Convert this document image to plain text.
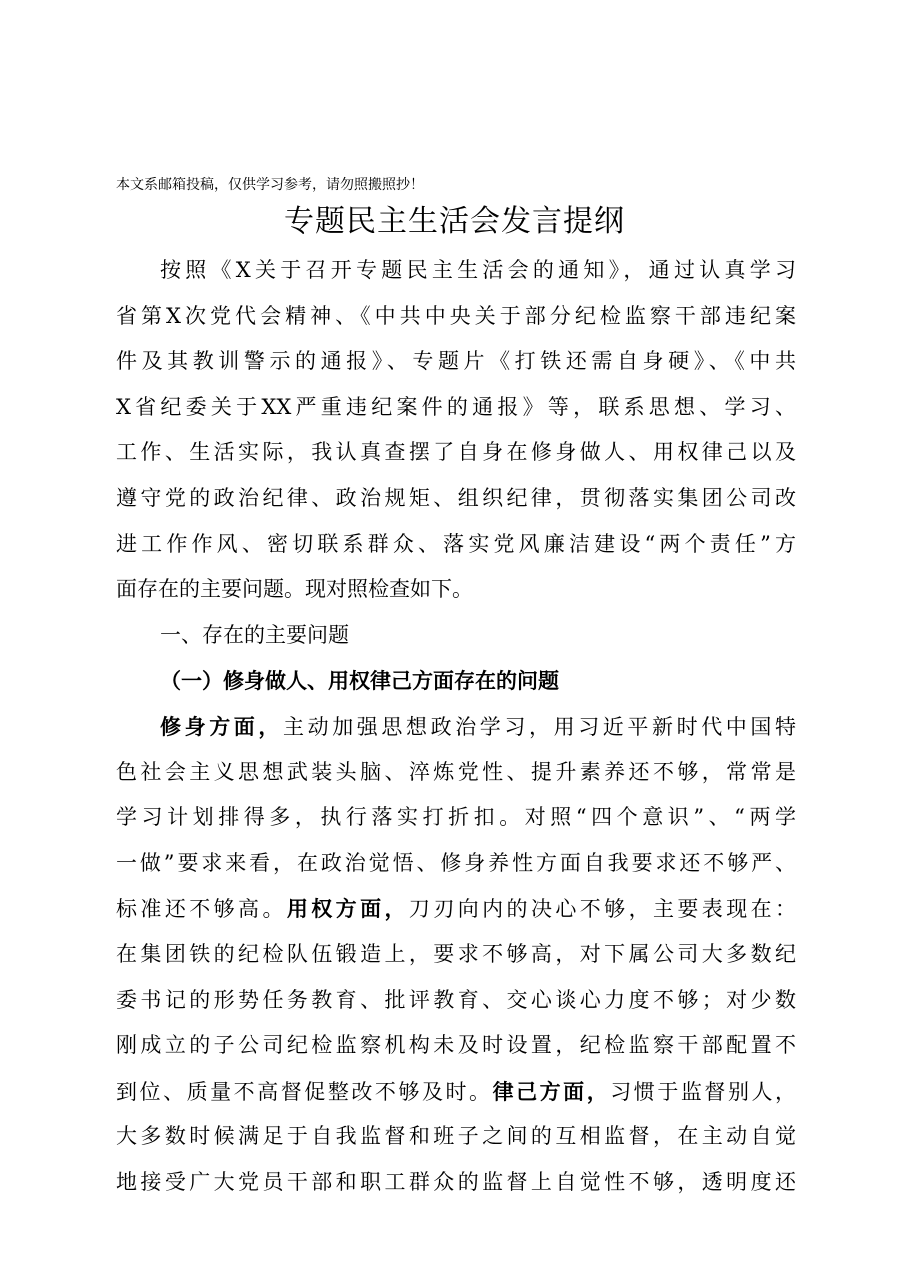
本文系邮箱投稿，仅供学习参考，请勿照搬照抄！
专题民主生活会发言提纲
按照《X关于召开专题民主生活会的通知》，通过认真学习
省第X次党代会精神、《中共中央关于部分纪检监察干部违纪案
件及其教训警示的通报》、专题片《打铁还需自身硬》、《中共
X省纪委关于XX严重违纪案件的通报》等，联系思想、学习、
工作、生活实际，我认真查摆了自身在修身做人、用权律己以及
遵守党的政治纪律、政治规矩、组织纪律，贯彻落实集团公司改
进工作作风、密切联系群众、落实党风廉洁建设“两个责任”方
面存在的主要问题。现对照检查如下。
一、存在的主要问题
（一）修身做人、用权律己方面存在的问题
修身方面，主动加强思想政治学习，用习近平新时代中国特
色社会主义思想武装头脑、淬炼党性、提升素养还不够，常常是
学习计划排得多，执行落实打折扣。对照“四个意识”、“两学
一做”要求来看，在政治觉悟、修身养性方面自我要求还不够严、
标准还不够高。用权方面，刀刃向内的决心不够，主要表现在：
在集团铁的纪检队伍锻造上，要求不够高，对下属公司大多数纪
委书记的形势任务教育、批评教育、交心谈心力度不够；对少数
刚成立的子公司纪检监察机构未及时设置，纪检监察干部配置不
到位、质量不高督促整改不够及时。律己方面，习惯于监督别人，
大多数时候满足于自我监督和班子之间的互相监督，在主动自觉
地接受广大党员干部和职工群众的监督上自觉性不够，透明度还
